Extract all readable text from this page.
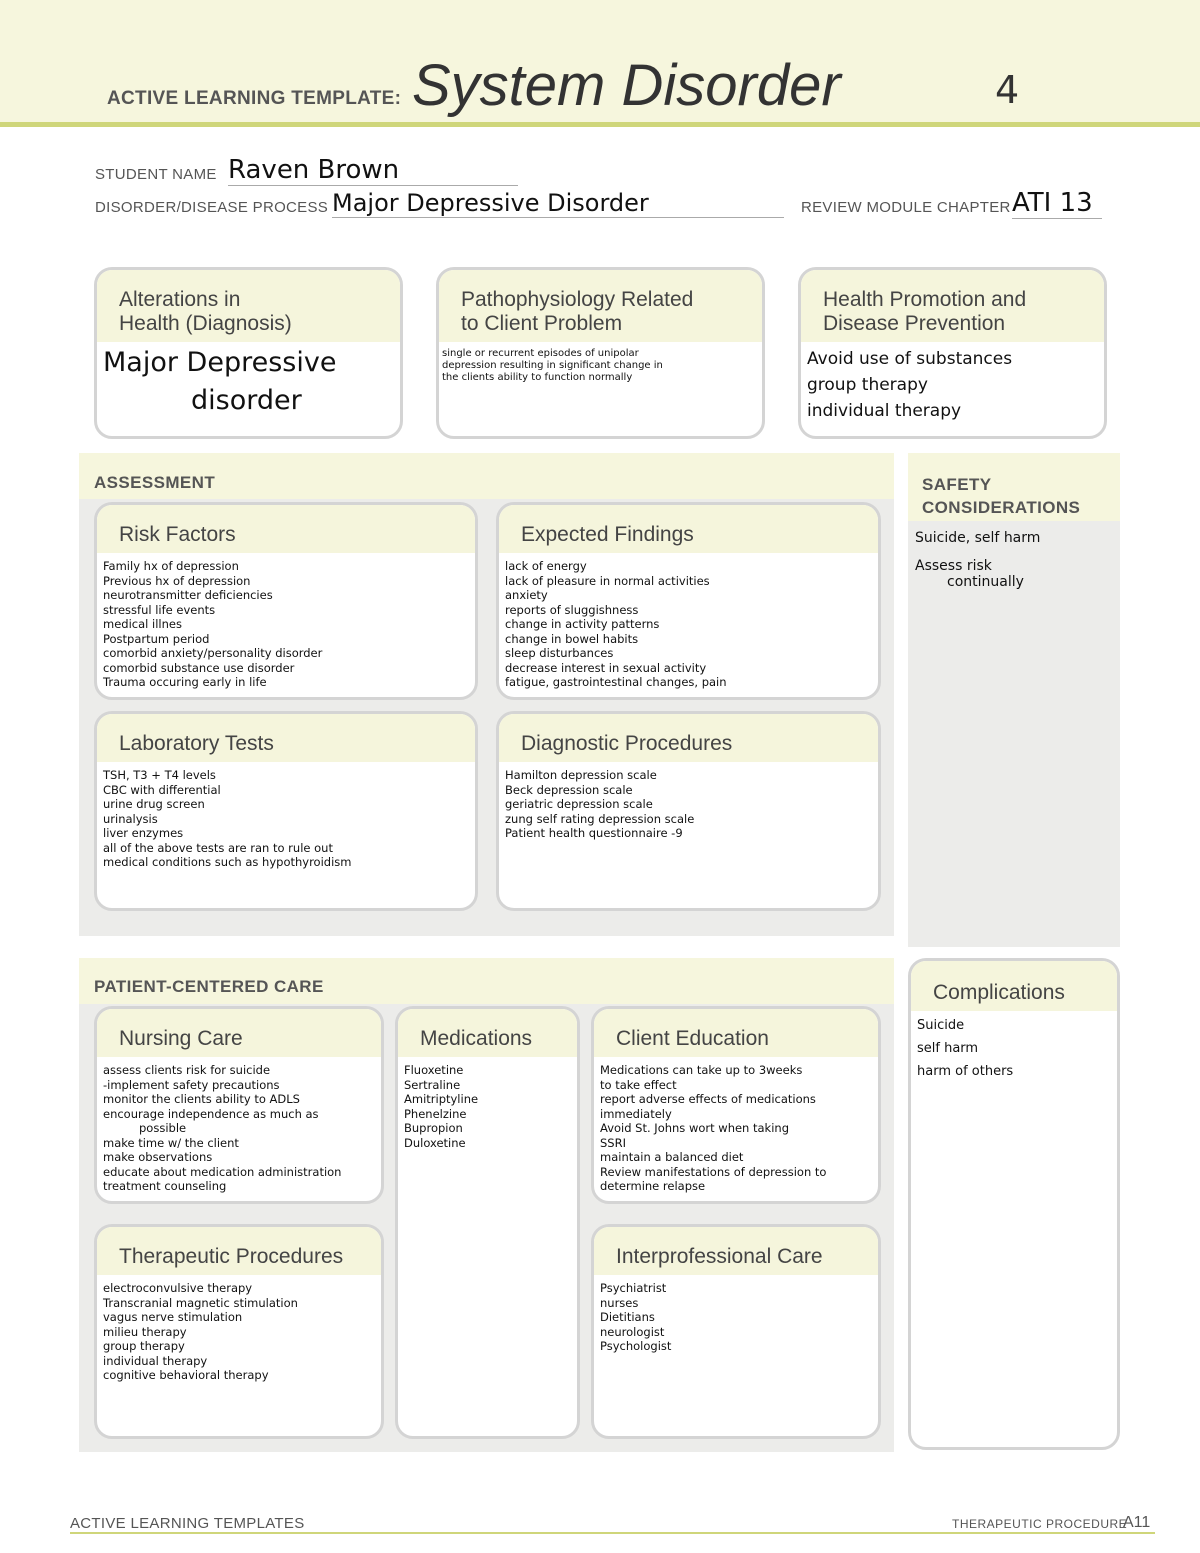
ACTIVE LEARNING TEMPLATE: System Disorder	4
STUDENT NAME Raven Brown
DISORDER/DISEASE PROCESS Major Depressive Disorder	REVIEW MODULE CHAPTER ATI 13
Alterations in
Health (Diagnosis)
Major Depressive
disorder
Pathophysiology Related
to Client Problem
single or recurrent episodes of unipolar
depression resulting in significant change in
the clients ability to function normally
Health Promotion and
Disease Prevention
Avoid use of substances
group therapy
individual therapy
ASSESSMENT
Risk Factors
Family hx of depression
Previous hx of depression
neurotransmitter deficiencies
stressful life events
medical illnes
Postpartum period
comorbid anxiety/personality disorder
comorbid substance use disorder
Trauma occuring early in life
Expected Findings
lack of energy
lack of pleasure in normal activities
anxiety
reports of sluggishness
change in activity patterns
change in bowel habits
sleep disturbances
decrease interest in sexual activity
fatigue, gastrointestinal changes, pain
Laboratory Tests
TSH, T3 + T4 levels
CBC with differential
urine drug screen
urinalysis
liver enzymes
all of the above tests are ran to rule out
medical conditions such as hypothyroidism
Diagnostic Procedures
Hamilton depression scale
Beck depression scale
geriatric depression scale
zung self rating depression scale
Patient health questionnaire -9
SAFETY
CONSIDERATIONS
Suicide, self harm
Assess risk
continually
PATIENT-CENTERED CARE
Nursing Care
assess clients risk for suicide
-implement safety precautions
monitor the clients ability to ADLS
encourage independence as much as
possible
make time w/ the client
make observations
educate about medication administration
treatment counseling
Medications
Fluoxetine
Sertraline
Amitriptyline
Phenelzine
Bupropion
Duloxetine
Client Education
Medications can take up to 3weeks
to take effect
report adverse effects of medications
immediately
Avoid St. Johns wort when taking
SSRI
maintain a balanced diet
Review manifestations of depression to
determine relapse
Therapeutic Procedures
electroconvulsive therapy
Transcranial magnetic stimulation
vagus nerve stimulation
milieu therapy
group therapy
individual therapy
cognitive behavioral therapy
Interprofessional Care
Psychiatrist
nurses
Dietitians
neurologist
Psychologist
Complications
Suicide
self harm
harm of others
ACTIVE LEARNING TEMPLATES	THERAPEUTIC PROCEDURE
A11
